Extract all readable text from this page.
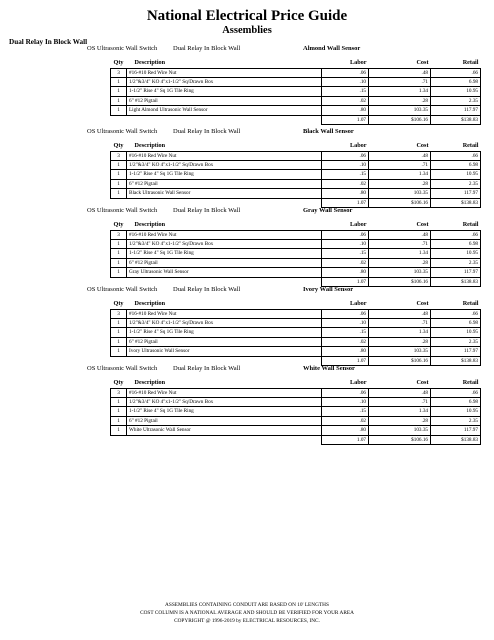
National Electrical Price Guide
Assemblies
Dual Relay In Block Wall
OS Ultrasonic Wall Switch Dual Relay In Block Wall	Almond Wall Sensor
Qty	Description	Labor	Cost	Retail
3	#16-#10 Red Wire Nut	.06	.48	.66
1	1/2"&3/4" KO 4"x1-1/2" Sq/Drawn Box	.10	.71	6.98
1	1-1/2" Rise 4" Sq 1G Tile Ring	.15	1.34	10.95
1	6" #12 Pigtail	.02	.28	2.35
1	Light Almond Ultrasonic Wall Sensor	.80	103.35	117.97
		1.07	$106.16	$138.83
OS Ultrasonic Wall Switch Dual Relay In Block Wall	Black Wall Sensor
Qty	Description	Labor	Cost	Retail
3	#16-#10 Red Wire Nut	.06	.48	.66
1	1/2"&3/4" KO 4"x1-1/2" Sq/Drawn Box	.10	.71	6.98
1	1-1/2" Rise 4" Sq 1G Tile Ring	.15	1.34	10.95
1	6" #12 Pigtail	.02	.28	2.35
1	Black Ultrasonic Wall Sensor	.80	103.35	117.97
		1.07	$106.16	$138.83
OS Ultrasonic Wall Switch Dual Relay In Block Wall	Gray Wall Sensor
Qty	Description	Labor	Cost	Retail
3	#16-#10 Red Wire Nut	.06	.48	.66
1	1/2"&3/4" KO 4"x1-1/2" Sq/Drawn Box	.10	.71	6.98
1	1-1/2" Rise 4" Sq 1G Tile Ring	.15	1.34	10.95
1	6" #12 Pigtail	.02	.28	2.35
1	Gray Ultrasonic Wall Sensor	.80	103.35	117.97
		1.07	$106.16	$138.83
OS Ultrasonic Wall Switch Dual Relay In Block Wall	Ivory Wall Sensor
Qty	Description	Labor	Cost	Retail
3	#16-#10 Red Wire Nut	.06	.48	.66
1	1/2"&3/4" KO 4"x1-1/2" Sq/Drawn Box	.10	.71	6.98
1	1-1/2" Rise 4" Sq 1G Tile Ring	.15	1.34	10.95
1	6" #12 Pigtail	.02	.28	2.35
1	Ivory Ultrasonic Wall Sensor	.80	103.35	117.97
		1.07	$106.16	$138.83
OS Ultrasonic Wall Switch Dual Relay In Block Wall	White Wall Sensor
Qty	Description	Labor	Cost	Retail
3	#16-#10 Red Wire Nut	.06	.48	.66
1	1/2"&3/4" KO 4"x1-1/2" Sq/Drawn Box	.10	.71	6.98
1	1-1/2" Rise 4" Sq 1G Tile Ring	.15	1.34	10.95
1	6" #12 Pigtail	.02	.28	2.35
1	White Ultrasonic Wall Sensor	.80	103.35	117.97
		1.07	$106.16	$138.83
ASSEMBLIES CONTAINING CONDUIT ARE BASED ON 10' LENGTHS
COST COLUMN IS A NATIONAL AVERAGE AND SHOULD BE VERIFIED FOR YOUR AREA
COPYRIGHT @ 1996-2019 by ELECTRICAL RESOURCES, INC.
